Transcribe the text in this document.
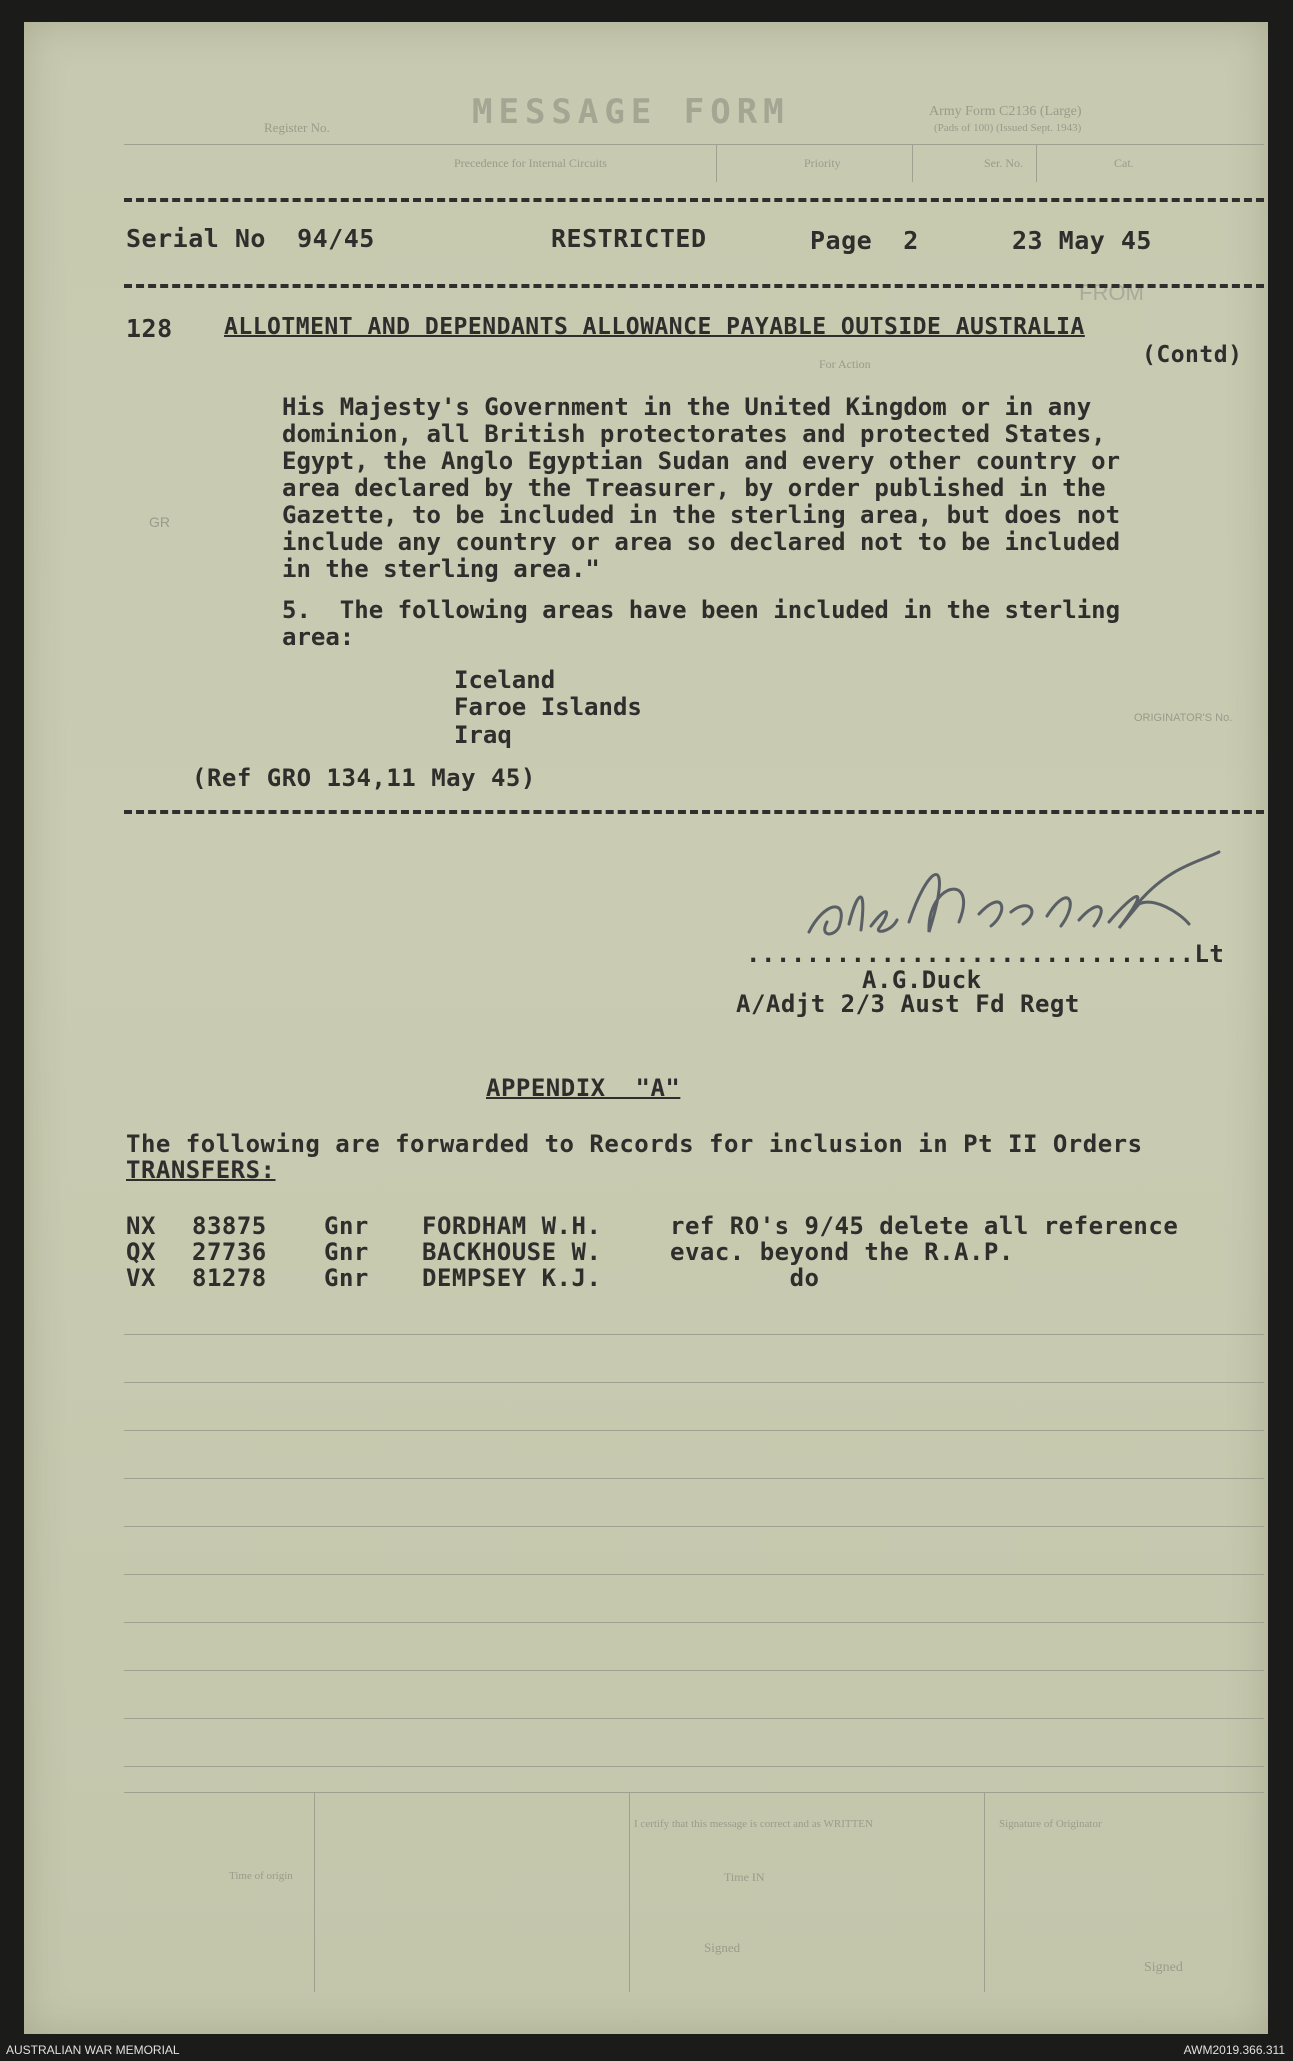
MESSAGE FORM	Army Form C2136 (Large)
(Pads of 100) (Issued Sept. 1943)
Register No.
Precedence for Internal Circuits	Priority	Ser. No.	Cat.
FROM
For Action
GR
ORIGINATOR'S No.
Serial No  94/45	RESTRICTED	Page  2	23 May 45
128 ALLOTMENT AND DEPENDANTS ALLOWANCE PAYABLE OUTSIDE AUSTRALIA
(Contd)
His Majesty's Government in the United Kingdom or in any
dominion, all British protectorates and protected States,
Egypt, the Anglo Egyptian Sudan and every other country or
area declared by the Treasurer, by order published in the
Gazette, to be included in the sterling area, but does not
include any country or area so declared not to be included
in the sterling area."
5.  The following areas have been included in the sterling
area:
Iceland
Faroe Islands
Iraq
(Ref GRO 134,11 May 45)
..............................Lt
A.G.Duck
A/Adjt 2/3 Aust Fd Regt
APPENDIX  "A"
The following are forwarded to Records for inclusion in Pt II Orders
TRANSFERS:
NX 83875 Gnr FORDHAM W.H.	ref RO's 9/45 delete all reference
QX 27736 Gnr BACKHOUSE W.	evac. beyond the R.A.P.
VX 81278 Gnr DEMPSEY K.J.	do
Time of origin
I certify that this message is correct and as WRITTEN	Signature of Originator
Signed
Time IN
Signed
AUSTRALIAN WAR MEMORIAL	AWM2019.366.311
